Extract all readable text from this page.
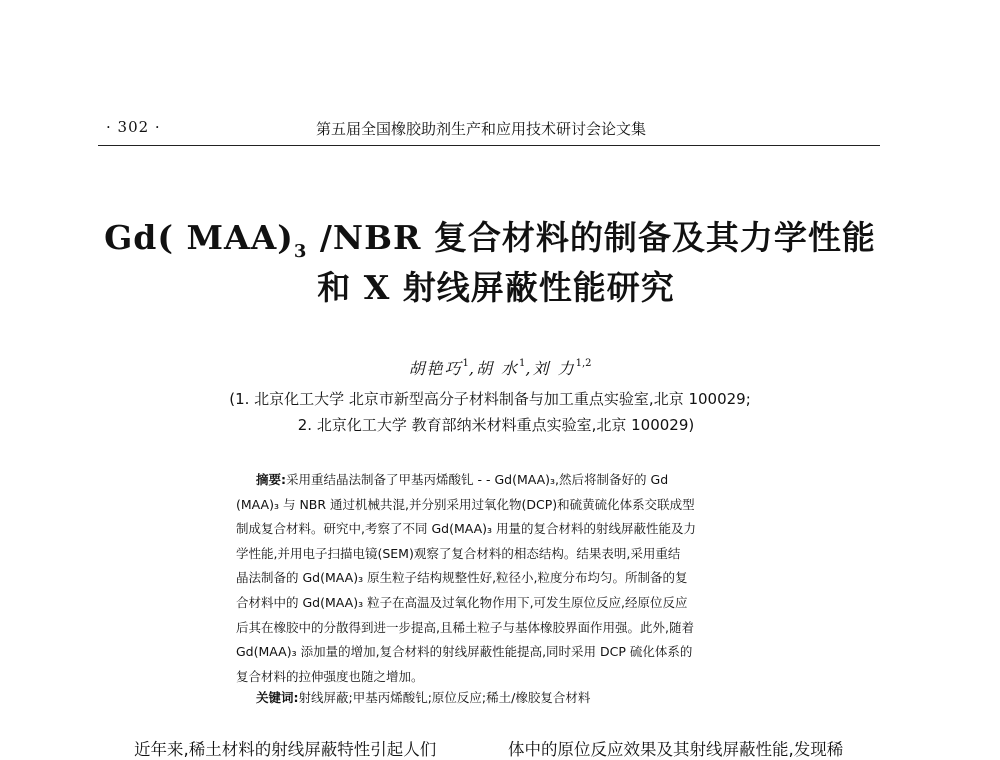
· 302 ·	第五届全国橡胶助剂生产和应用技术研讨会论文集
Gd( $MAA)_3$ /NBR 复合材料的制备及其力学性能
和 X 射线屏蔽性能研究
胡艳巧$^1$,胡 水$^1$,刘 力$^{1,2}$
(1. 北京化工大学 北京市新型高分子材料制备与加工重点实验室,北京 100029;
2. 北京化工大学 教育部纳米材料重点实验室,北京 100029)
摘要:采用重结晶法制备了甲基丙烯酸钆 - - Gd(MAA)₃,然后将制备好的 Gd
(MAA)₃ 与 NBR 通过机械共混,并分别采用过氧化物(DCP)和硫黄硫化体系交联成型
制成复合材料。研究中,考察了不同 Gd(MAA)₃ 用量的复合材料的射线屏蔽性能及力
学性能,并用电子扫描电镜(SEM)观察了复合材料的相态结构。结果表明,采用重结
晶法制备的 Gd(MAA)₃ 原生粒子结构规整性好,粒径小,粒度分布均匀。所制备的复
合材料中的 Gd(MAA)₃ 粒子在高温及过氧化物作用下,可发生原位反应,经原位反应
后其在橡胶中的分散得到进一步提高,且稀土粒子与基体橡胶界面作用强。此外,随着
Gd(MAA)₃ 添加量的增加,复合材料的射线屏蔽性能提高,同时采用 DCP 硫化体系的
复合材料的拉伸强度也随之增加。
关键词:射线屏蔽;甲基丙烯酸钆;原位反应;稀土/橡胶复合材料
近年来,稀土材料的射线屏蔽特性引起人们	体中的原位反应效果及其射线屏蔽性能,发现稀
